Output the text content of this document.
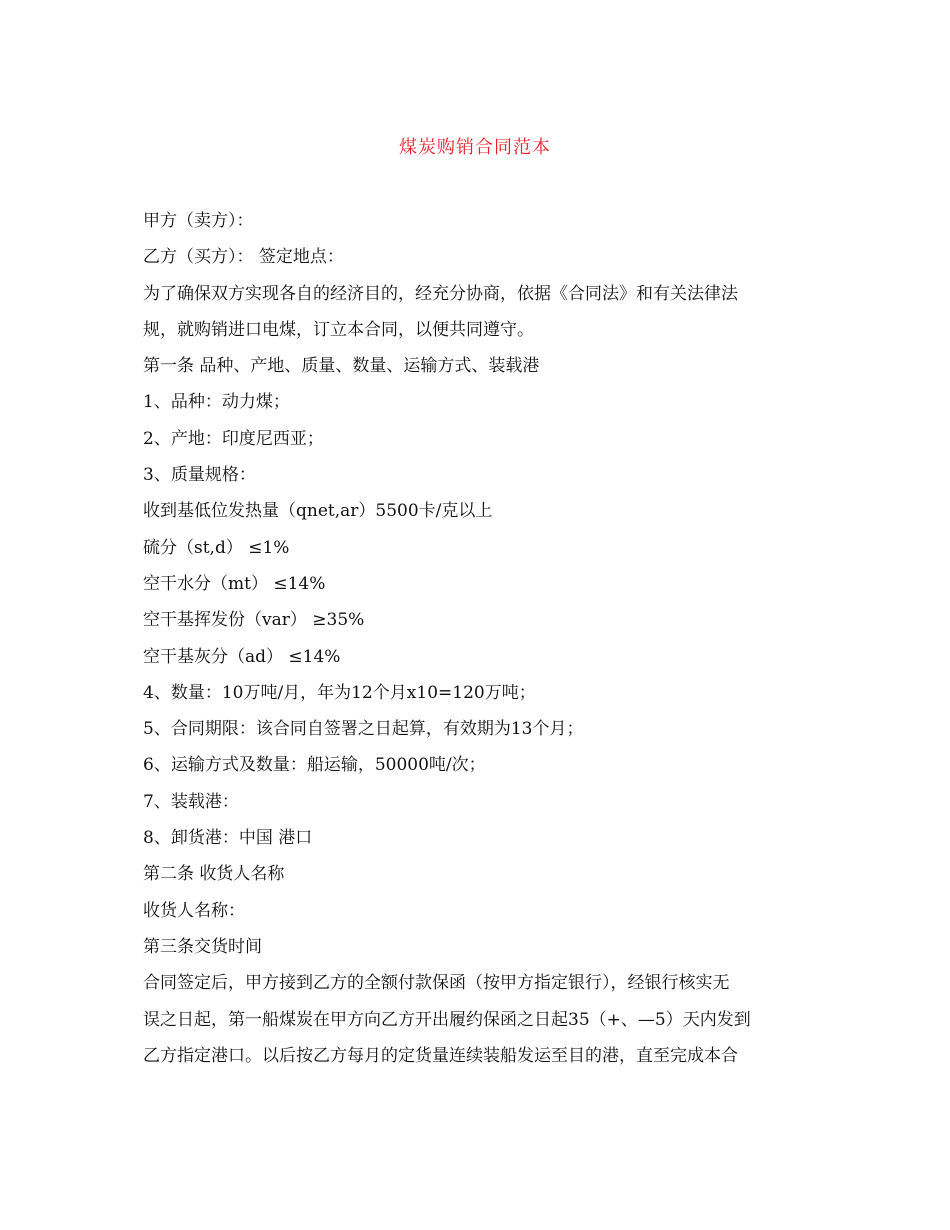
煤炭购销合同范本
甲方（卖方）：
乙方（买方）： 签定地点：
为了确保双方实现各自的经济目的，经充分协商，依据《合同法》和有关法律法
规，就购销进口电煤，订立本合同，以便共同遵守。
第一条 品种、产地、质量、数量、运输方式、装载港
1、品种：动力煤；
2、产地：印度尼西亚；
3、质量规格：
收到基低位发热量（qnet,ar）5500卡/克以上
硫分（st,d） ≤1%
空干水分（mt） ≤14%
空干基挥发份（var） ≥35%
空干基灰分（ad） ≤14%
4、数量：10万吨/月，年为12个月x10=120万吨；
5、合同期限：该合同自签署之日起算，有效期为13个月；
6、运输方式及数量：船运输，50000吨/次；
7、装载港：
8、卸货港：中国 港口
第二条 收货人名称
收货人名称：
第三条交货时间
合同签定后，甲方接到乙方的全额付款保函（按甲方指定银行），经银行核实无
误之日起，第一船煤炭在甲方向乙方开出履约保函之日起35（+、—5）天内发到
乙方指定港口。以后按乙方每月的定货量连续装船发运至目的港，直至完成本合
